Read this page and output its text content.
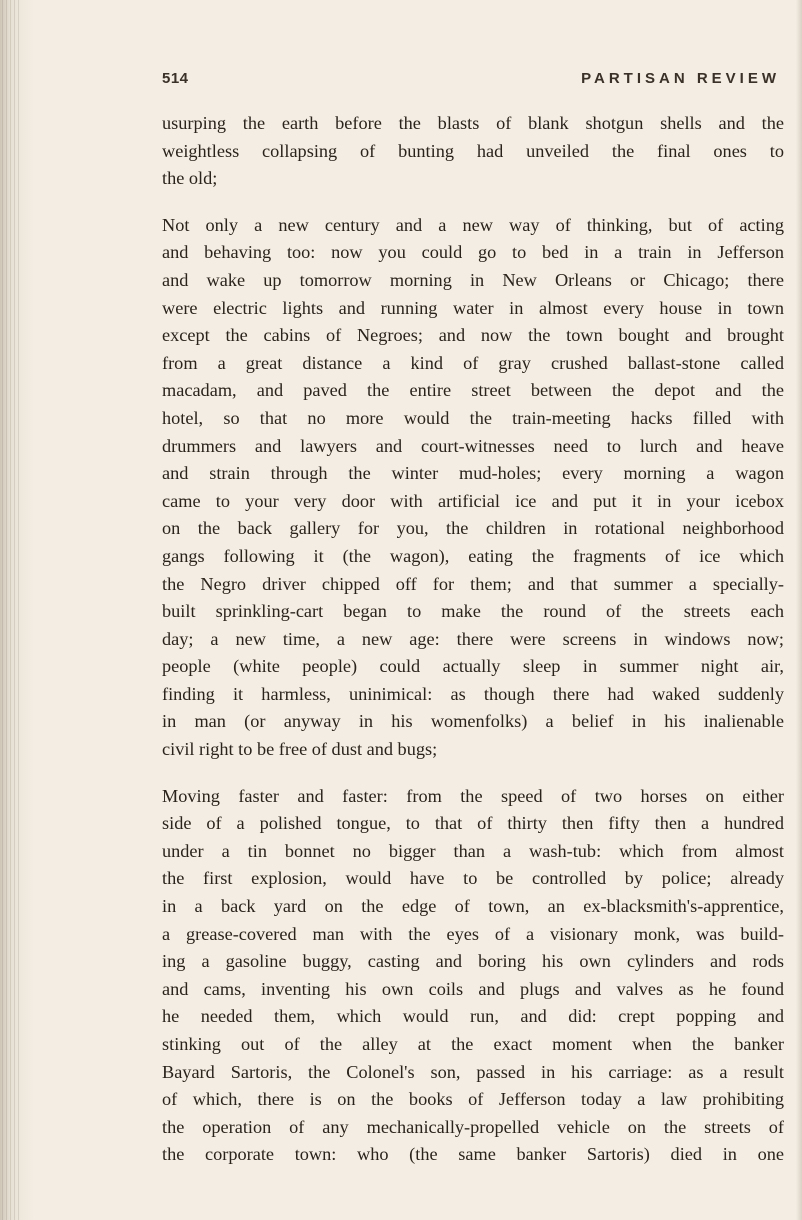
514	PARTISAN REVIEW

usurping the earth before the blasts of blank shotgun shells and the
weightless collapsing of bunting had unveiled the final ones to
the old;

Not only a new century and a new way of thinking, but of acting
and behaving too: now you could go to bed in a train in Jefferson
and wake up tomorrow morning in New Orleans or Chicago; there
were electric lights and running water in almost every house in town
except the cabins of Negroes; and now the town bought and brought
from a great distance a kind of gray crushed ballast-stone called
macadam, and paved the entire street between the depot and the
hotel, so that no more would the train-meeting hacks filled with
drummers and lawyers and court-witnesses need to lurch and heave
and strain through the winter mud-holes; every morning a wagon
came to your very door with artificial ice and put it in your icebox
on the back gallery for you, the children in rotational neighborhood
gangs following it (the wagon), eating the fragments of ice which
the Negro driver chipped off for them; and that summer a specially-
built sprinkling-cart began to make the round of the streets each
day; a new time, a new age: there were screens in windows now;
people (white people) could actually sleep in summer night air,
finding it harmless, uninimical: as though there had waked suddenly
in man (or anyway in his womenfolks) a belief in his inalienable
civil right to be free of dust and bugs;

Moving faster and faster: from the speed of two horses on either
side of a polished tongue, to that of thirty then fifty then a hundred
under a tin bonnet no bigger than a wash-tub: which from almost
the first explosion, would have to be controlled by police; already
in a back yard on the edge of town, an ex-blacksmith's-apprentice,
a grease-covered man with the eyes of a visionary monk, was build-
ing a gasoline buggy, casting and boring his own cylinders and rods
and cams, inventing his own coils and plugs and valves as he found
he needed them, which would run, and did: crept popping and
stinking out of the alley at the exact moment when the banker
Bayard Sartoris, the Colonel's son, passed in his carriage: as a result
of which, there is on the books of Jefferson today a law prohibiting
the operation of any mechanically-propelled vehicle on the streets of
the corporate town: who (the same banker Sartoris) died in one
